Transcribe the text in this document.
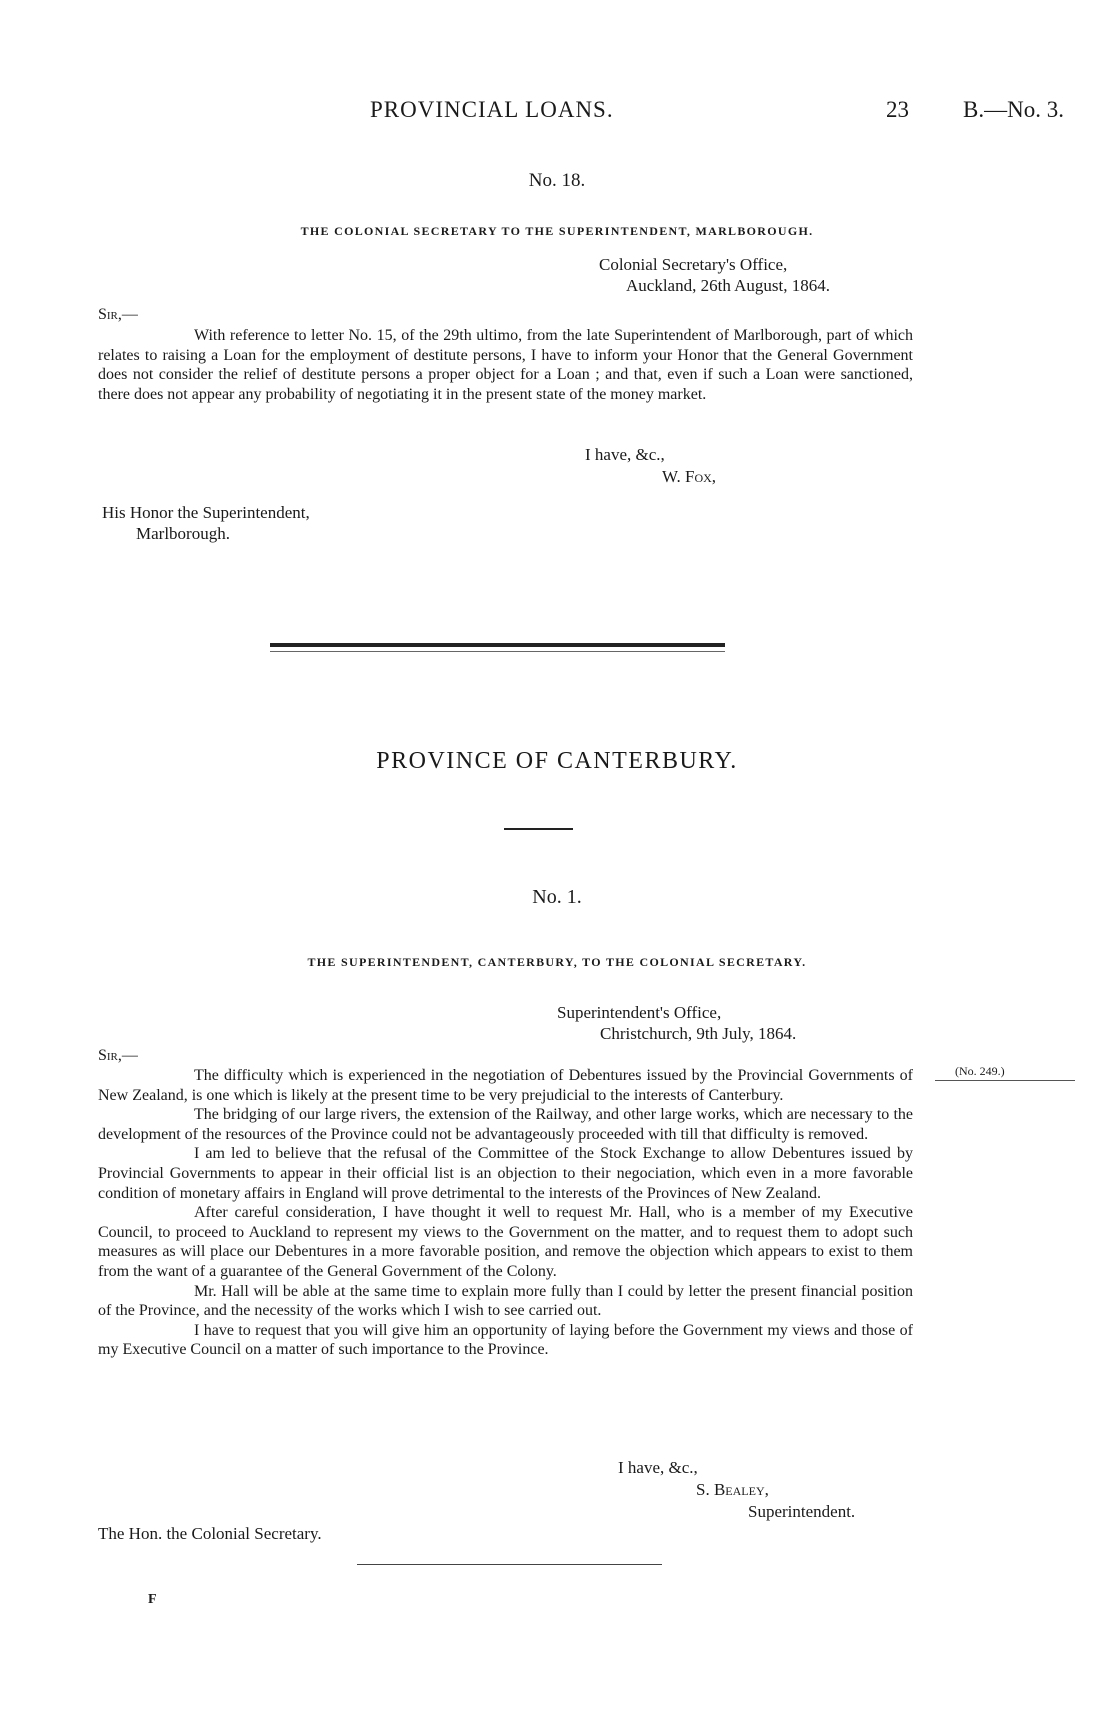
PROVINCIAL LOANS.	23 B.—No. 3.
No. 18.
THE COLONIAL SECRETARY TO THE SUPERINTENDENT, MARLBOROUGH.
Colonial Secretary's Office,
Auckland, 26th August, 1864.
Sir,—
With reference to letter No. 15, of the 29th ultimo, from the late Superintendent of Marlborough, part of which relates to raising a Loan for the employment of destitute persons, I have to inform your Honor that the General Government does not consider the relief of destitute persons a proper object for a Loan ; and that, even if such a Loan were sanctioned, there does not appear any probability of negotiating it in the present state of the money market.
I have, &c.,
W. Fox,
His Honor the Superintendent,
Marlborough.
PROVINCE OF CANTERBURY.
No. 1.
THE SUPERINTENDENT, CANTERBURY, TO THE COLONIAL SECRETARY.
Superintendent's Office,
Christchurch, 9th July, 1864.
Sir,—
(No. 249.)
The difficulty which is experienced in the negotiation of Debentures issued by the Provincial Governments of New Zealand, is one which is likely at the present time to be very prejudicial to the interests of Canterbury.
The bridging of our large rivers, the extension of the Railway, and other large works, which are necessary to the development of the resources of the Province could not be advantageously proceeded with till that difficulty is removed.
I am led to believe that the refusal of the Committee of the Stock Exchange to allow Debentures issued by Provincial Governments to appear in their official list is an objection to their negociation, which even in a more favorable condition of monetary affairs in England will prove detrimental to the interests of the Provinces of New Zealand.
After careful consideration, I have thought it well to request Mr. Hall, who is a member of my Executive Council, to proceed to Auckland to represent my views to the Government on the matter, and to request them to adopt such measures as will place our Debentures in a more favorable position, and remove the objection which appears to exist to them from the want of a guarantee of the General Government of the Colony.
Mr. Hall will be able at the same time to explain more fully than I could by letter the present financial position of the Province, and the necessity of the works which I wish to see carried out.
I have to request that you will give him an opportunity of laying before the Government my views and those of my Executive Council on a matter of such importance to the Province.
I have, &c.,
S. Bealey,
Superintendent.
The Hon. the Colonial Secretary.
F
